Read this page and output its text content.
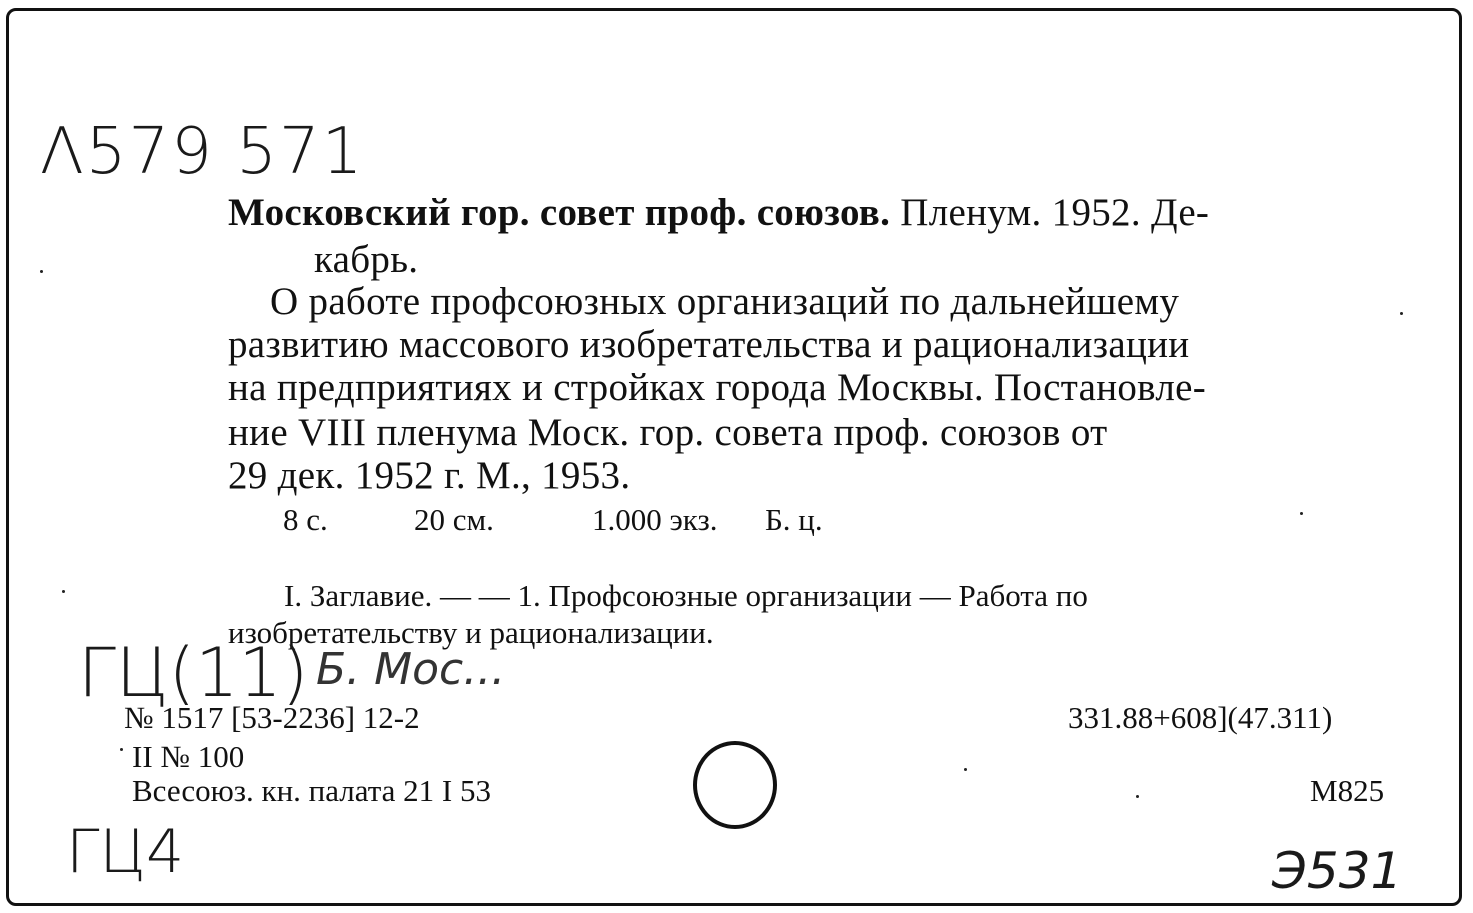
Λ579 571
Московский гор. совет проф. союзов. Пленум. 1952. Де-
кабрь.
О работе профсоюзных организаций по дальнейшему
развитию массового изобретательства и рационализации
на предприятиях и стройках города Москвы. Постановле-
ние VIII пленума Моск. гор. совета проф. союзов от
29 дек. 1952 г. М., 1953.
8 с.	20 см.	1.000 экз. Б. ц.
I. Заглавие. — — 1. Профсоюзные организации — Работа по
изобретательству и рационализации.
ГЦ(11) Б. Мос...
№ 1517 [53-2236] 12-2
II № 100
Всесоюз. кн. палата 21 I 53
331.88+608](47.311)
М825
ГЦ4	Э531
